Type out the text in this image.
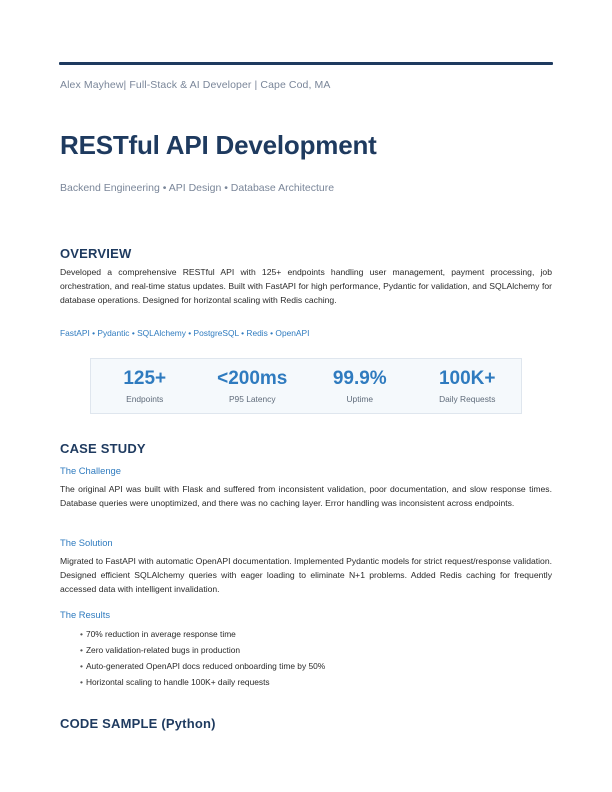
Alex Mayhew| Full-Stack & AI Developer | Cape Cod, MA
RESTful API Development
Backend Engineering • API Design • Database Architecture
OVERVIEW
Developed a comprehensive RESTful API with 125+ endpoints handling user management, payment processing, job orchestration, and real-time status updates. Built with FastAPI for high performance, Pydantic for validation, and SQLAlchemy for database operations. Designed for horizontal scaling with Redis caching.
FastAPI • Pydantic • SQLAlchemy • PostgreSQL • Redis • OpenAPI
125+
Endpoints
<200ms
P95 Latency
99.9%
Uptime
100K+
Daily Requests
CASE STUDY
The Challenge
The original API was built with Flask and suffered from inconsistent validation, poor documentation, and slow response times. Database queries were unoptimized, and there was no caching layer. Error handling was inconsistent across endpoints.
The Solution
Migrated to FastAPI with automatic OpenAPI documentation. Implemented Pydantic models for strict request/response validation. Designed efficient SQLAlchemy queries with eager loading to eliminate N+1 problems. Added Redis caching for frequently accessed data with intelligent invalidation.
The Results
• 70% reduction in average response time
• Zero validation-related bugs in production
• Auto-generated OpenAPI docs reduced onboarding time by 50%
• Horizontal scaling to handle 100K+ daily requests
CODE SAMPLE (Python)
